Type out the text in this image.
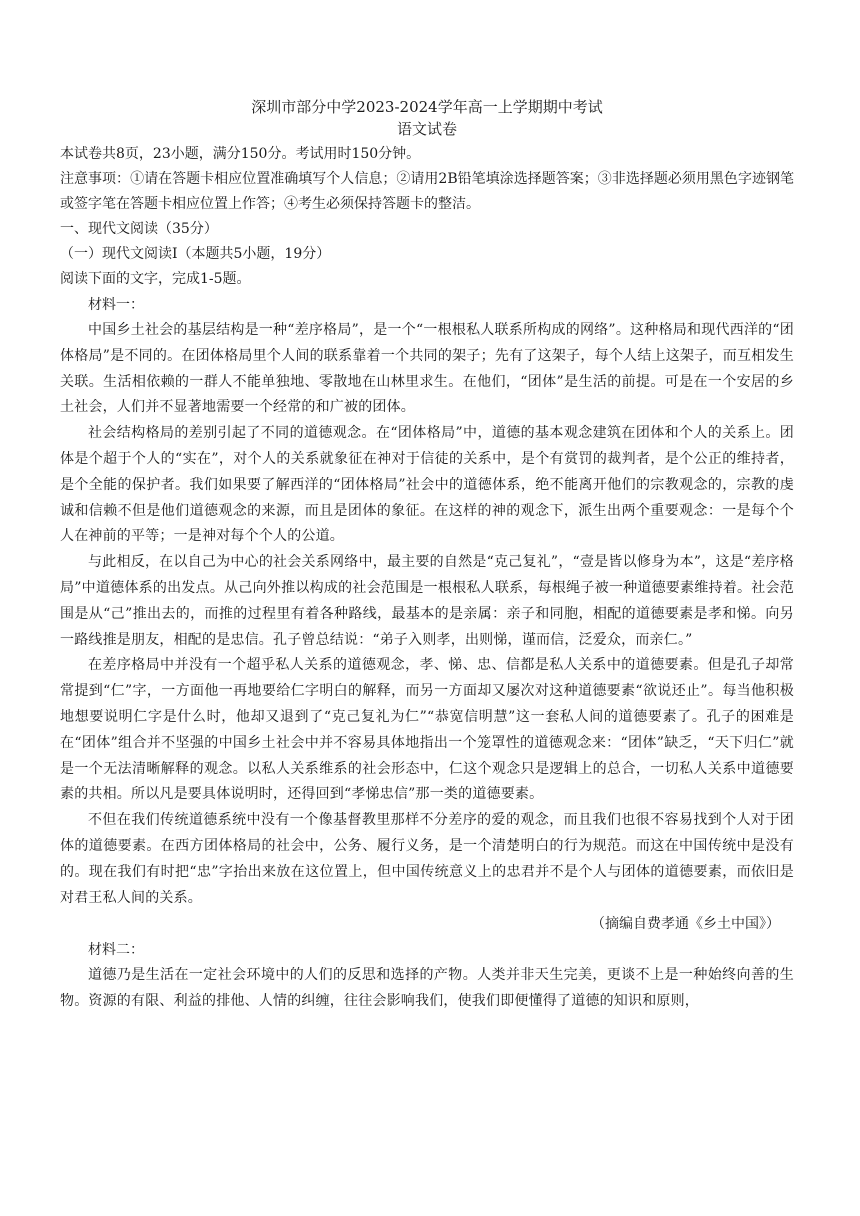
深圳市部分中学2023-2024学年高一上学期期中考试

语文试卷

本试卷共8页，23小题，满分150分。考试用时150分钟。

注意事项：①请在答题卡相应位置准确填写个人信息；②请用2B铅笔填涂选择题答案；③非选择题必须用黑色字迹钢笔或签字笔在答题卡相应位置上作答；④考生必须保持答题卡的整洁。

一、现代文阅读（35分）

（一）现代文阅读Ⅰ（本题共5小题，19分）

阅读下面的文字，完成1-5题。

材料一：

中国乡土社会的基层结构是一种“差序格局”，是一个“一根根私人联系所构成的网络”。这种格局和现代西洋的“团体格局”是不同的。在团体格局里个人间的联系靠着一个共同的架子；先有了这架子，每个人结上这架子，而互相发生关联。生活相依赖的一群人不能单独地、零散地在山林里求生。在他们，“团体”是生活的前提。可是在一个安居的乡土社会，人们并不显著地需要一个经常的和广被的团体。

社会结构格局的差别引起了不同的道德观念。在“团体格局”中，道德的基本观念建筑在团体和个人的关系上。团体是个超于个人的“实在”，对个人的关系就象征在神对于信徒的关系中，是个有赏罚的裁判者，是个公正的维持者，是个全能的保护者。我们如果要了解西洋的“团体格局”社会中的道德体系，绝不能离开他们的宗教观念的，宗教的虔诚和信赖不但是他们道德观念的来源，而且是团体的象征。在这样的神的观念下，派生出两个重要观念：一是每个个人在神前的平等；一是神对每个个人的公道。

与此相反，在以自己为中心的社会关系网络中，最主要的自然是“克己复礼”，“壹是皆以修身为本”，这是“差序格局”中道德体系的出发点。从己向外推以构成的社会范围是一根根私人联系，每根绳子被一种道德要素维持着。社会范围是从“己”推出去的，而推的过程里有着各种路线，最基本的是亲属：亲子和同胞，相配的道德要素是孝和悌。向另一路线推是朋友，相配的是忠信。孔子曾总结说：“弟子入则孝，出则悌，谨而信，泛爱众，而亲仁。”

在差序格局中并没有一个超乎私人关系的道德观念，孝、悌、忠、信都是私人关系中的道德要素。但是孔子却常常提到“仁”字，一方面他一再地要给仁字明白的解释，而另一方面却又屡次对这种道德要素“欲说还止”。每当他积极地想要说明仁字是什么时，他却又退到了“克己复礼为仁”“恭宽信明慧”这一套私人间的道德要素了。孔子的困难是在“团体”组合并不坚强的中国乡土社会中并不容易具体地指出一个笼罩性的道德观念来：“团体”缺乏，“天下归仁”就是一个无法清晰解释的观念。以私人关系维系的社会形态中，仁这个观念只是逻辑上的总合，一切私人关系中道德要素的共相。所以凡是要具体说明时，还得回到“孝悌忠信”那一类的道德要素。

不但在我们传统道德系统中没有一个像基督教里那样不分差序的爱的观念，而且我们也很不容易找到个人对于团体的道德要素。在西方团体格局的社会中，公务、履行义务，是一个清楚明白的行为规范。而这在中国传统中是没有的。现在我们有时把“忠”字抬出来放在这位置上，但中国传统意义上的忠君并不是个人与团体的道德要素，而依旧是对君王私人间的关系。

（摘编自费孝通《乡土中国》）

材料二：

道德乃是生活在一定社会环境中的人们的反思和选择的产物。人类并非天生完美，更谈不上是一种始终向善的生物。资源的有限、利益的排他、人情的纠缠，往往会影响我们，使我们即便懂得了道德的知识和原则，
